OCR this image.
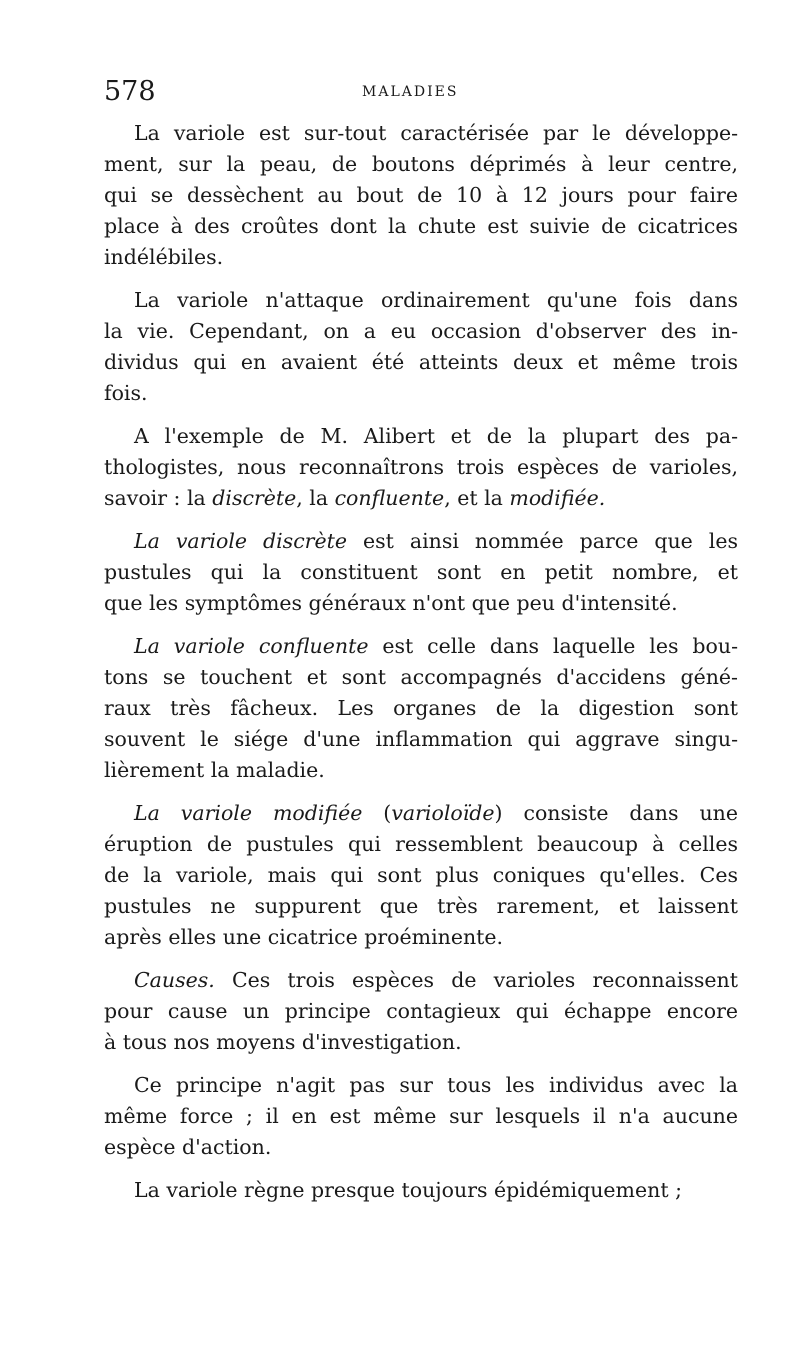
578	MALADIES

La variole est sur-tout caractérisée par le développe-
ment, sur la peau, de boutons déprimés à leur centre,
qui se dessèchent au bout de 10 à 12 jours pour faire
place à des croûtes dont la chute est suivie de cicatrices
indélébiles.

La variole n'attaque ordinairement qu'une fois dans
la vie. Cependant, on a eu occasion d'observer des in-
dividus qui en avaient été atteints deux et même trois
fois.

A l'exemple de M. Alibert et de la plupart des pa-
thologistes, nous reconnaîtrons trois espèces de varioles,
savoir : la discrète, la confluente, et la modifiée.

La variole discrète est ainsi nommée parce que les
pustules qui la constituent sont en petit nombre, et
que les symptômes généraux n'ont que peu d'intensité.

La variole confluente est celle dans laquelle les bou-
tons se touchent et sont accompagnés d'accidens géné-
raux très fâcheux. Les organes de la digestion sont
souvent le siége d'une inflammation qui aggrave singu-
lièrement la maladie.

La variole modifiée (varioloïde) consiste dans une
éruption de pustules qui ressemblent beaucoup à celles
de la variole, mais qui sont plus coniques qu'elles. Ces
pustules ne suppurent que très rarement, et laissent
après elles une cicatrice proéminente.

Causes. Ces trois espèces de varioles reconnaissent
pour cause un principe contagieux qui échappe encore
à tous nos moyens d'investigation.

Ce principe n'agit pas sur tous les individus avec la
même force ; il en est même sur lesquels il n'a aucune
espèce d'action.

La variole règne presque toujours épidémiquement ;
